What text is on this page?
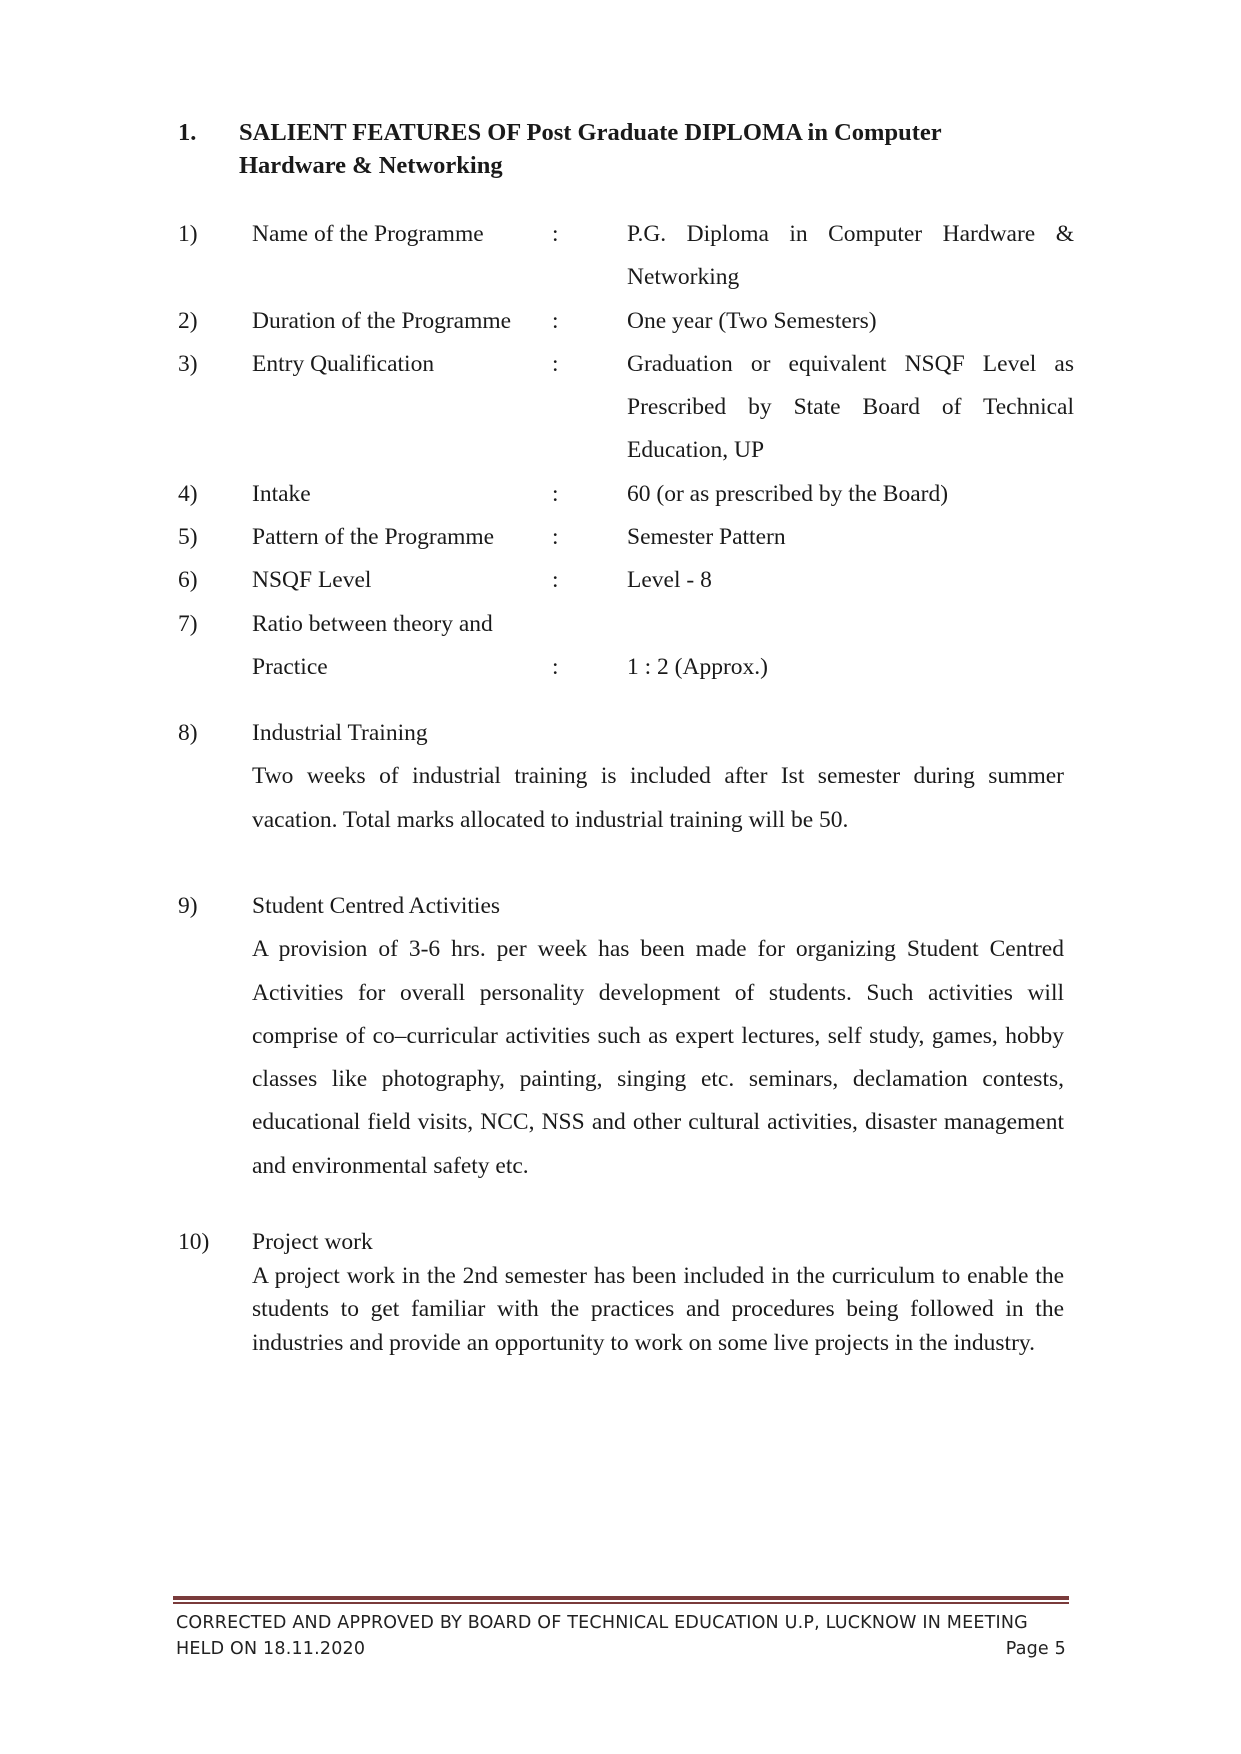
1. SALIENT FEATURES OF Post Graduate DIPLOMA in Computer Hardware & Networking
1) Name of the Programme	:	P.G. Diploma in Computer Hardware & Networking
2) Duration of the Programme	:	One year (Two Semesters)
3) Entry Qualification	:	Graduation or equivalent NSQF Level as Prescribed by State Board of Technical Education, UP
4) Intake	:	60 (or as prescribed by the Board)
5) Pattern of the Programme	:	Semester Pattern
6) NSQF Level	:	Level - 8
7) Ratio between theory and
Practice	:	1 : 2 (Approx.)
8) Industrial Training
Two weeks of industrial training is included after Ist semester during summer vacation. Total marks allocated to industrial training will be 50.
9) Student Centred Activities
A provision of 3-6 hrs. per week has been made for organizing Student Centred Activities for overall personality development of students. Such activities will comprise of co–curricular activities such as expert lectures, self study, games, hobby classes like photography, painting, singing etc. seminars, declamation contests, educational field visits, NCC, NSS and other cultural activities, disaster management and environmental safety etc.
10) Project work
A project work in the 2nd semester has been included in the curriculum to enable the students to get familiar with the practices and procedures being followed in the industries and provide an opportunity to work on some live projects in the industry.
CORRECTED AND APPROVED BY BOARD OF TECHNICAL EDUCATION U.P, LUCKNOW IN MEETING
HELD ON 18.11.2020	Page 5
